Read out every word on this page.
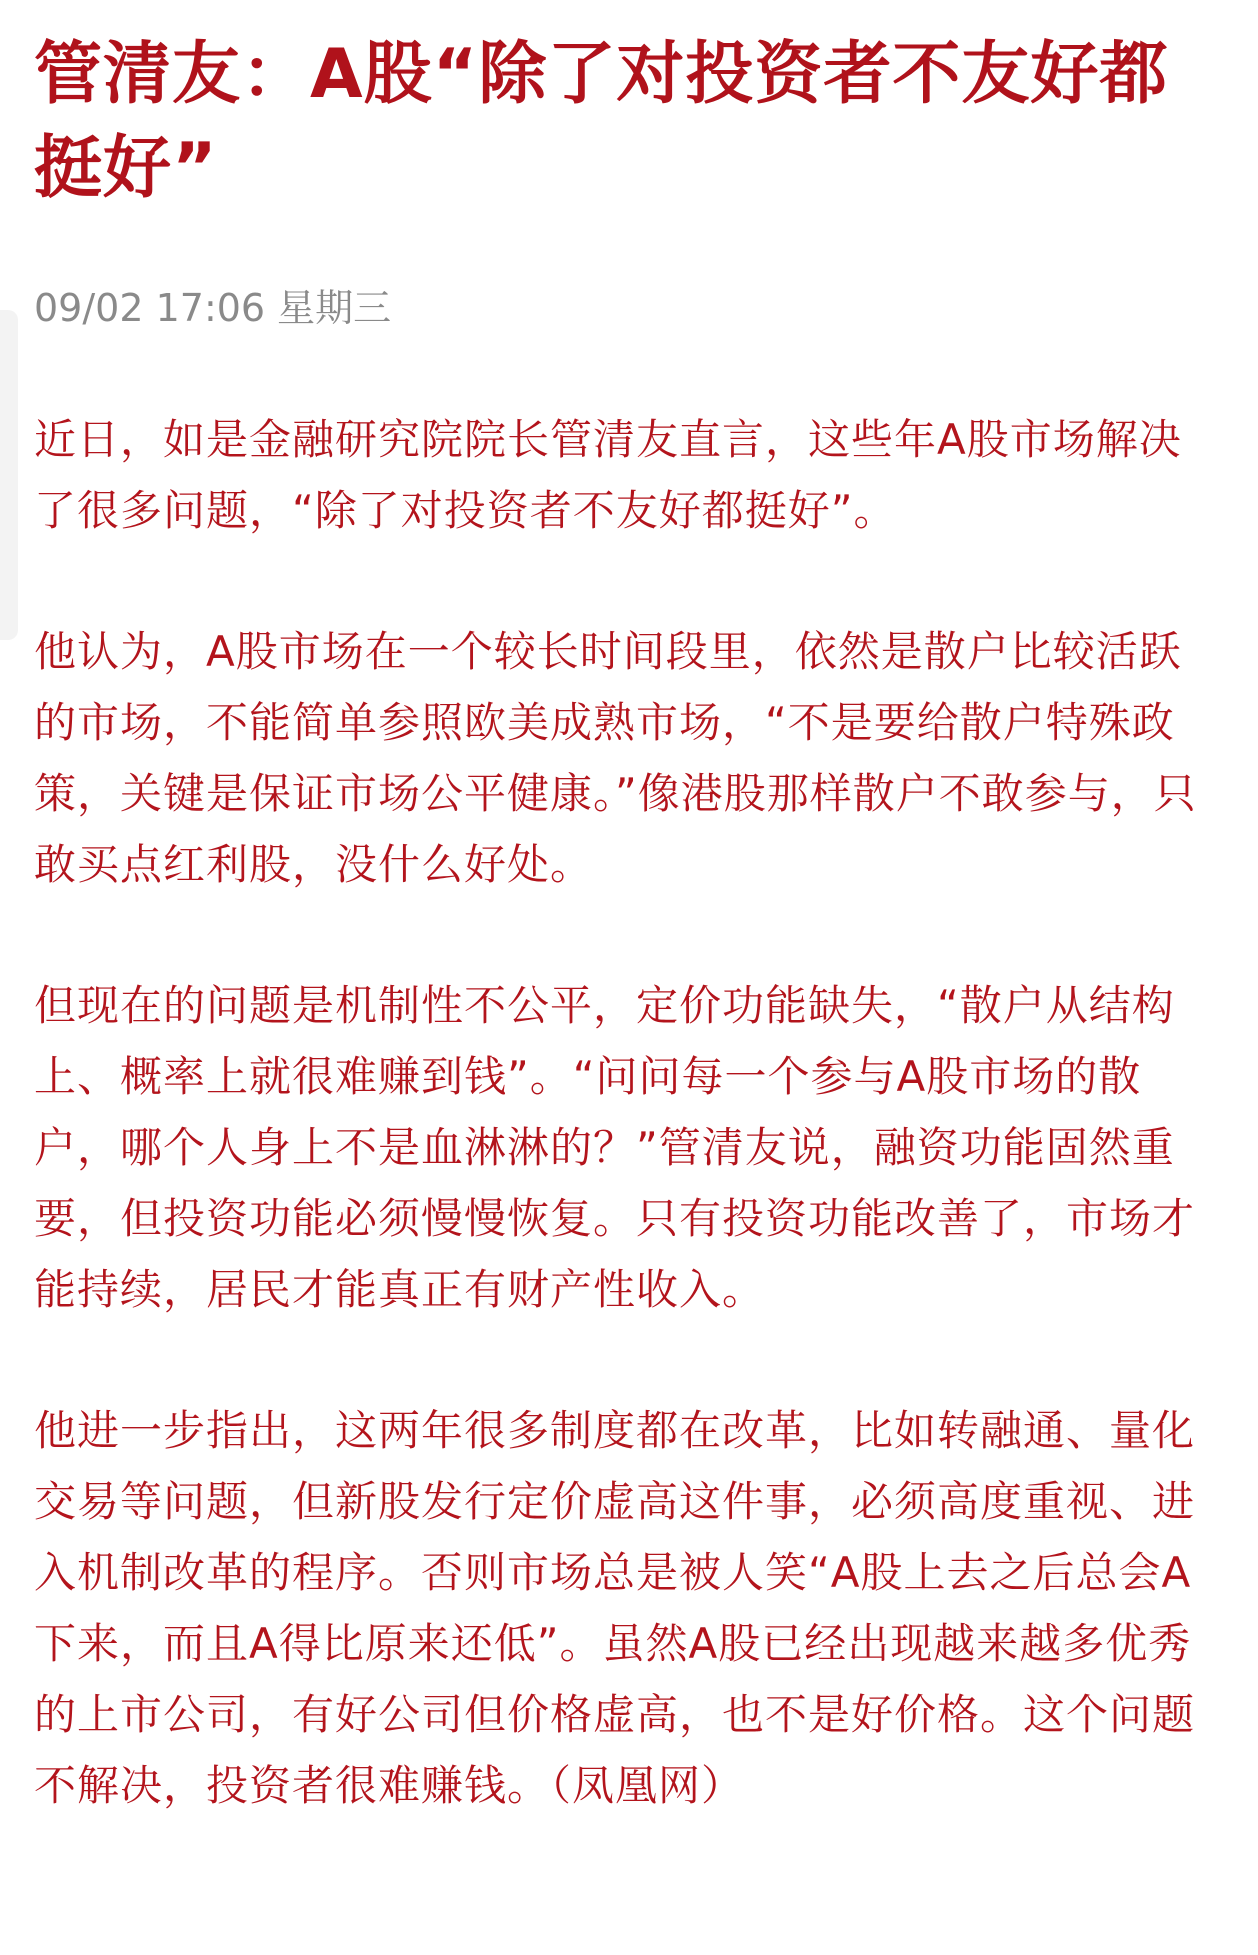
管清友：A股“除了对投资者不友好都挺好”
09/02 17:06 星期三

近日，如是金融研究院院长管清友直言，这些年A股市场解决了很多问题，“除了对投资者不友好都挺好”。

他认为，A股市场在一个较长时间段里，依然是散户比较活跃的市场，不能简单参照欧美成熟市场，“不是要给散户特殊政策，关键是保证市场公平健康。”像港股那样散户不敢参与，只敢买点红利股，没什么好处。

但现在的问题是机制性不公平，定价功能缺失，“散户从结构上、概率上就很难赚到钱”。“问问每一个参与A股市场的散户，哪个人身上不是血淋淋的？”管清友说，融资功能固然重要，但投资功能必须慢慢恢复。只有投资功能改善了，市场才能持续，居民才能真正有财产性收入。

他进一步指出，这两年很多制度都在改革，比如转融通、量化交易等问题，但新股发行定价虚高这件事，必须高度重视、进入机制改革的程序。否则市场总是被人笑“A股上去之后总会A下来，而且A得比原来还低”。虽然A股已经出现越来越多优秀的上市公司，有好公司但价格虚高，也不是好价格。这个问题不解决，投资者很难赚钱。（凤凰网）
